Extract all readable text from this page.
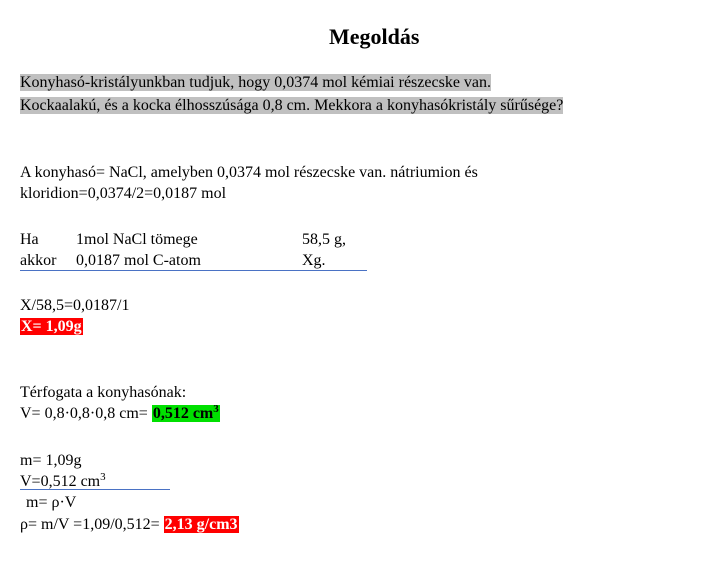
Megoldás
Konyhasó-kristályunkban tudjuk, hogy 0,0374 mol kémiai részecske van.
Kockaalakú, és a kocka élhosszúsága 0,8 cm. Mekkora a konyhasókristály sűrűsége?
A konyhasó= NaCl, amelyben 0,0374 mol részecske van. nátriumion és
kloridion=0,0374/2=0,0187 mol
Ha 1mol NaCl tömege	58,5 g,
akkor 0,0187 mol C-atom	Xg.
X/58,5=0,0187/1
X= 1,09g
Térfogata a konyhasónak:
V= 0,8·0,8·0,8 cm= 0,512 $cm^3$
m= 1,09g
V=0,512 $cm^3$
m= ρ·V
ρ= m/V =1,09/0,512= 2,13 g/cm3
